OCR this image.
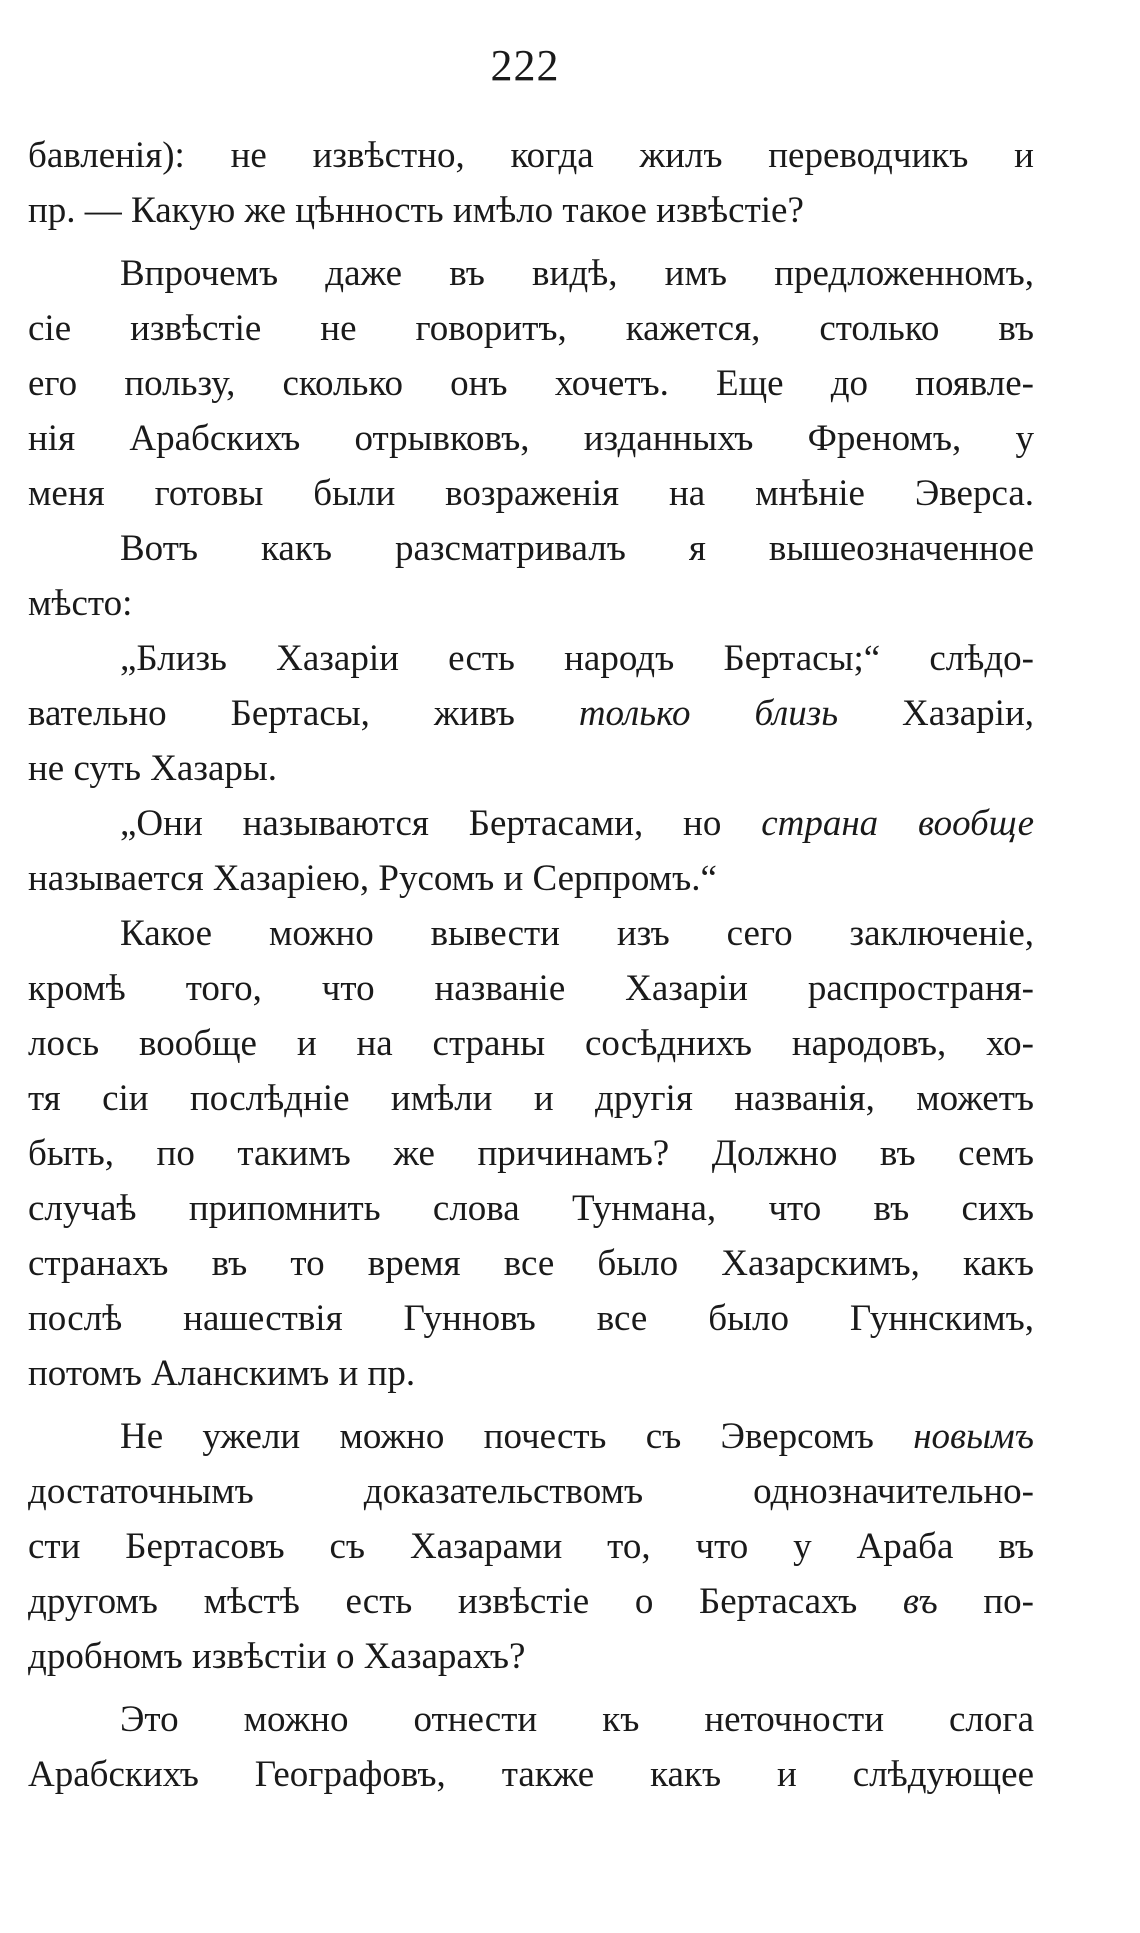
222
бавленія): не извѣстно, когда жилъ переводчикъ и
пр. — Какую же цѣнность имѣло такое извѣстіе?
Впрочемъ даже въ видѣ, имъ предложенномъ,
сіе извѣстіе не говоритъ, кажется, столько въ
его пользу, сколько онъ хочетъ. Еще до появле-
нія Арабскихъ отрывковъ, изданныхъ Френомъ, у
меня готовы были возраженія на мнѣніе Эверса.
Вотъ какъ разсматривалъ я вышеозначенное
мѣсто:
„Близь Хазаріи есть народъ Бертасы;“ слѣдо-
вательно Бертасы, живъ только близь Хазаріи,
не суть Хазары.
„Они называются Бертасами, но страна вообще
называется Хазаріею, Русомъ и Серпромъ.“
Какое можно вывести изъ сего заключеніе,
кромѣ того, что названіе Хазаріи распространя-
лось вообще и на страны сосѣднихъ народовъ, хо-
тя сіи послѣдніе имѣли и другія названія, можетъ
быть, по такимъ же причинамъ? Должно въ семъ
случаѣ припомнить слова Тунмана, что въ сихъ
странахъ въ то время все было Хазарскимъ, какъ
послѣ нашествія Гунновъ все было Гуннскимъ,
потомъ Аланскимъ и пр.
Не ужели можно почесть съ Эверсомъ новымъ
достаточнымъ доказательствомъ однозначительно-
сти Бертасовъ съ Хазарами то, что у Араба въ
другомъ мѣстѣ есть извѣстіе о Бертасахъ въ по-
дробномъ извѣстіи о Хазарахъ?
Это можно отнести къ неточности слога
Арабскихъ Географовъ, также какъ и слѣдующее
